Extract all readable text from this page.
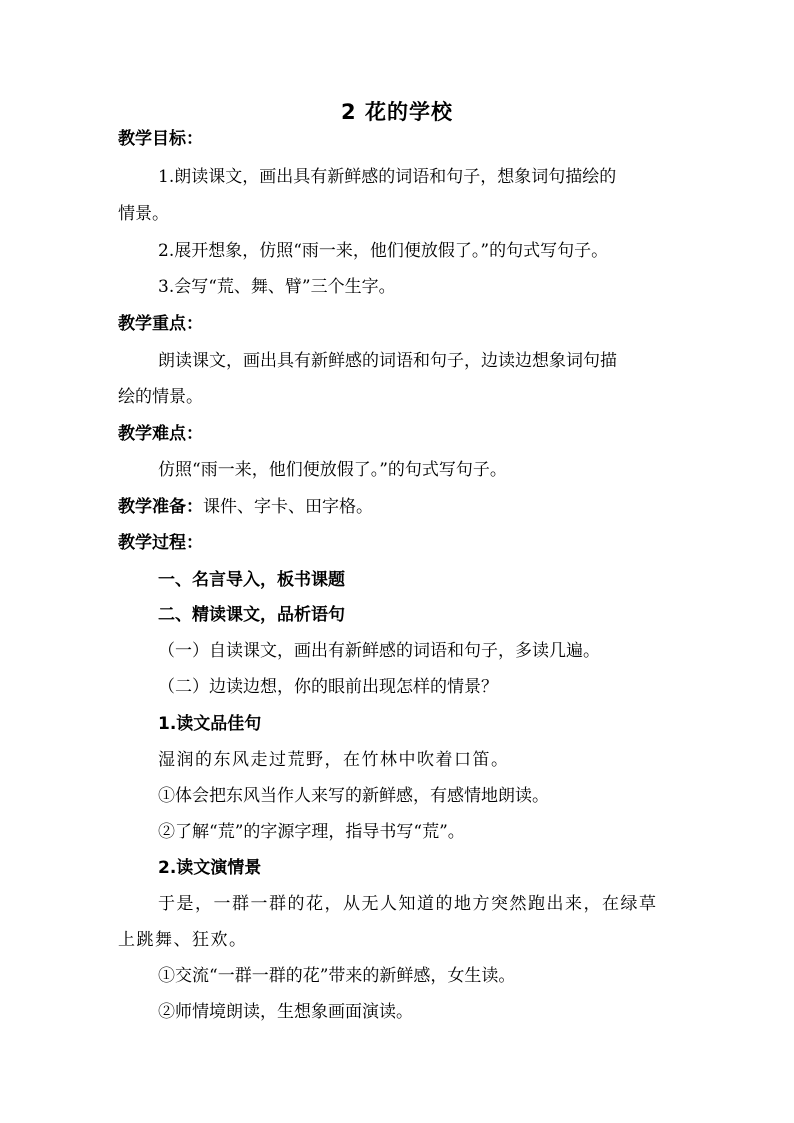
2 花的学校
教学目标：
1.朗读课文，画出具有新鲜感的词语和句子，想象词句描绘的
情景。
2.展开想象，仿照“雨一来，他们便放假了。”的句式写句子。
3.会写“荒、舞、臂”三个生字。
教学重点：
朗读课文，画出具有新鲜感的词语和句子，边读边想象词句描
绘的情景。
教学难点：
仿照“雨一来，他们便放假了。”的句式写句子。
教学准备：课件、字卡、田字格。
教学过程：
一、名言导入，板书课题
二、精读课文，品析语句
（一）自读课文，画出有新鲜感的词语和句子，多读几遍。
（二）边读边想，你的眼前出现怎样的情景？
1.读文品佳句
湿润的东风走过荒野，在竹林中吹着口笛。
①体会把东风当作人来写的新鲜感，有感情地朗读。
②了解“荒”的字源字理，指导书写“荒”。
2.读文演情景
于是，一群一群的花，从无人知道的地方突然跑出来，在绿草
上跳舞、狂欢。
①交流“一群一群的花”带来的新鲜感，女生读。
②师情境朗读，生想象画面演读。
